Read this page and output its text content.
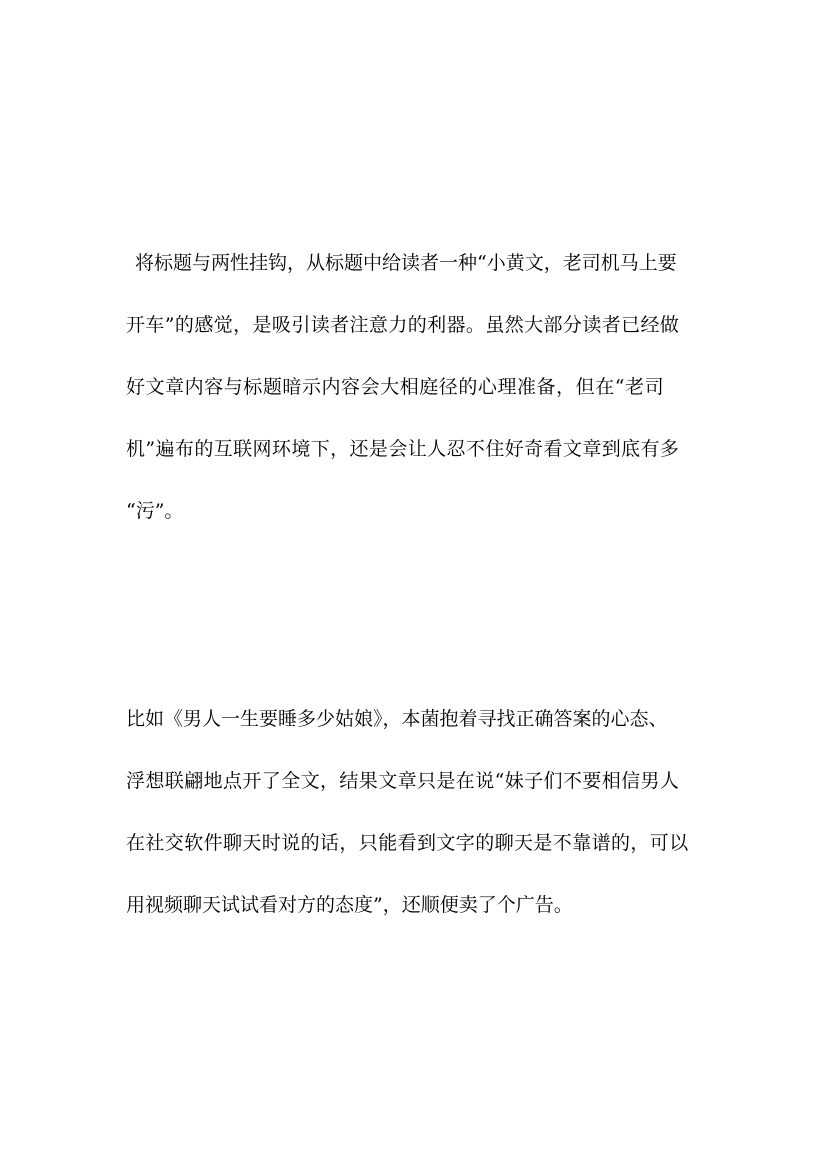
将标题与两性挂钩，从标题中给读者一种“小黄文，老司机马上要
开车”的感觉，是吸引读者注意力的利器。虽然大部分读者已经做
好文章内容与标题暗示内容会大相庭径的心理准备，但在“老司
机”遍布的互联网环境下，还是会让人忍不住好奇看文章到底有多
“污”。
比如《男人一生要睡多少姑娘》，本菌抱着寻找正确答案的心态、
浮想联翩地点开了全文，结果文章只是在说“妹子们不要相信男人
在社交软件聊天时说的话，只能看到文字的聊天是不靠谱的，可以
用视频聊天试试看对方的态度”，还顺便卖了个广告。
